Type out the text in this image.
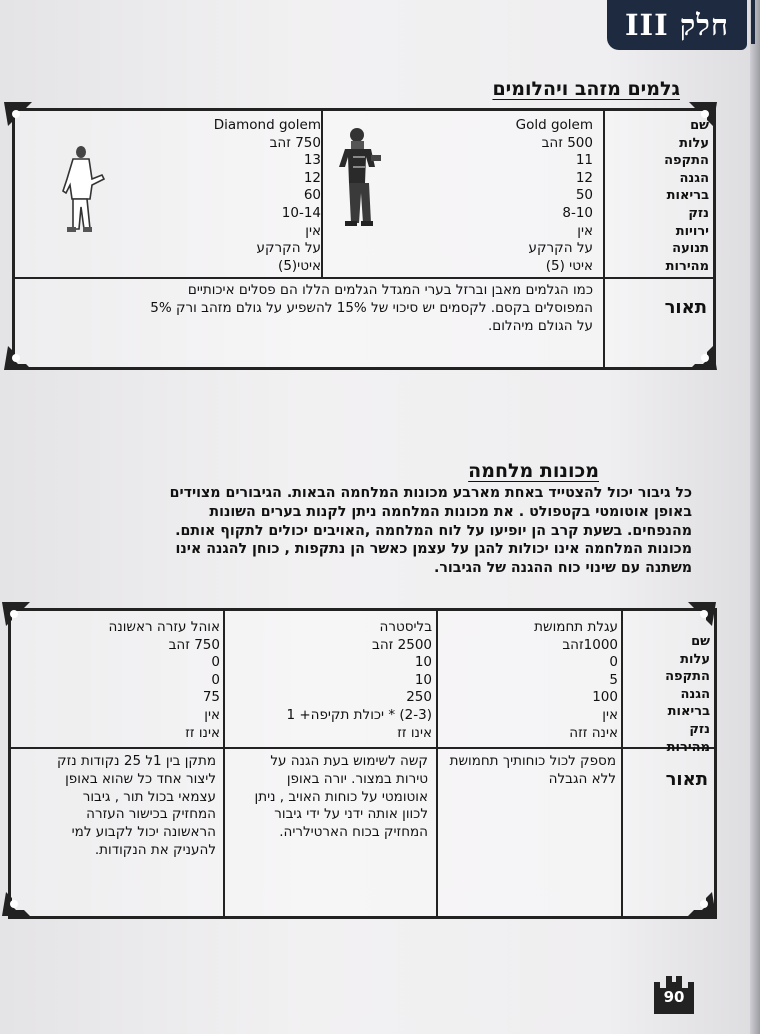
חלק III
גלמים מזהב ויהלומים
שם
עלות
התקפה
הגנה
בריאות
נזק
ירויות
תנועה
מהירות
Gold golem
500 זהב
11
12
50
8-10
אין
על הקרקע
איטי (5)
Diamond golem
750 זהב
13
12
60
10-14
אין
על הקרקע
איטי(5)
תאור
כמו הגלמים מאבן וברזל בערי המגדל הגלמים הללו הם פסלים איכותיים המפוסלים בקסם. לקסמים יש סיכוי של 15% להשפיע על גולם מזהב ורק 5% על הגולם מיהלום.
מכונות מלחמה
כל גיבור יכול להצטייד באחת מארבע מכונות המלחמה הבאות. הגיבורים מצוידים
באופן אוטומטי בקטפולט . את מכונות המלחמה ניתן לקנות בערים השונות
מהנפחים. בשעת קרב הן יופיעו על לוח המלחמה ,האויבים יכולים לתקוף אותם.
מכונות המלחמה אינו יכולות להגן על עצמן כאשר הן נתקפות , כוחן להגנה אינו
משתנה עם שינוי כוח ההגנה של הגיבור.
שם
עלות
התקפה
הגנה
בריאות
נזק
מהירות
עגלת תחמושת
1000זהב
0
5
100
אין
אינה זזה
בליסטרה
2500 זהב
10
10
250
(2-3) * יכולת תקיפה+ 1
אינו זז
אוהל עזרה ראשונה
750 זהב
0
0
75
אין
אינו זז
תאור
מספק לכול כוחותיך תחמושת ללא הגבלה
קשה לשימוש בעת הגנה על טירות במצור. יורה באופן אוטומטי על כוחות האויב , ניתן לכוון אותה ידני על ידי גיבור המחזיק בכוח הארטילריה.
מתקן בין 1ל 25 נקודות נזק ליצור אחד כל שהוא באופן עצמאי בכול תור , גיבור המחזיק בכישור העזרה הראשונה יכול לקבוע למי להעניק את הנקודות.
90
